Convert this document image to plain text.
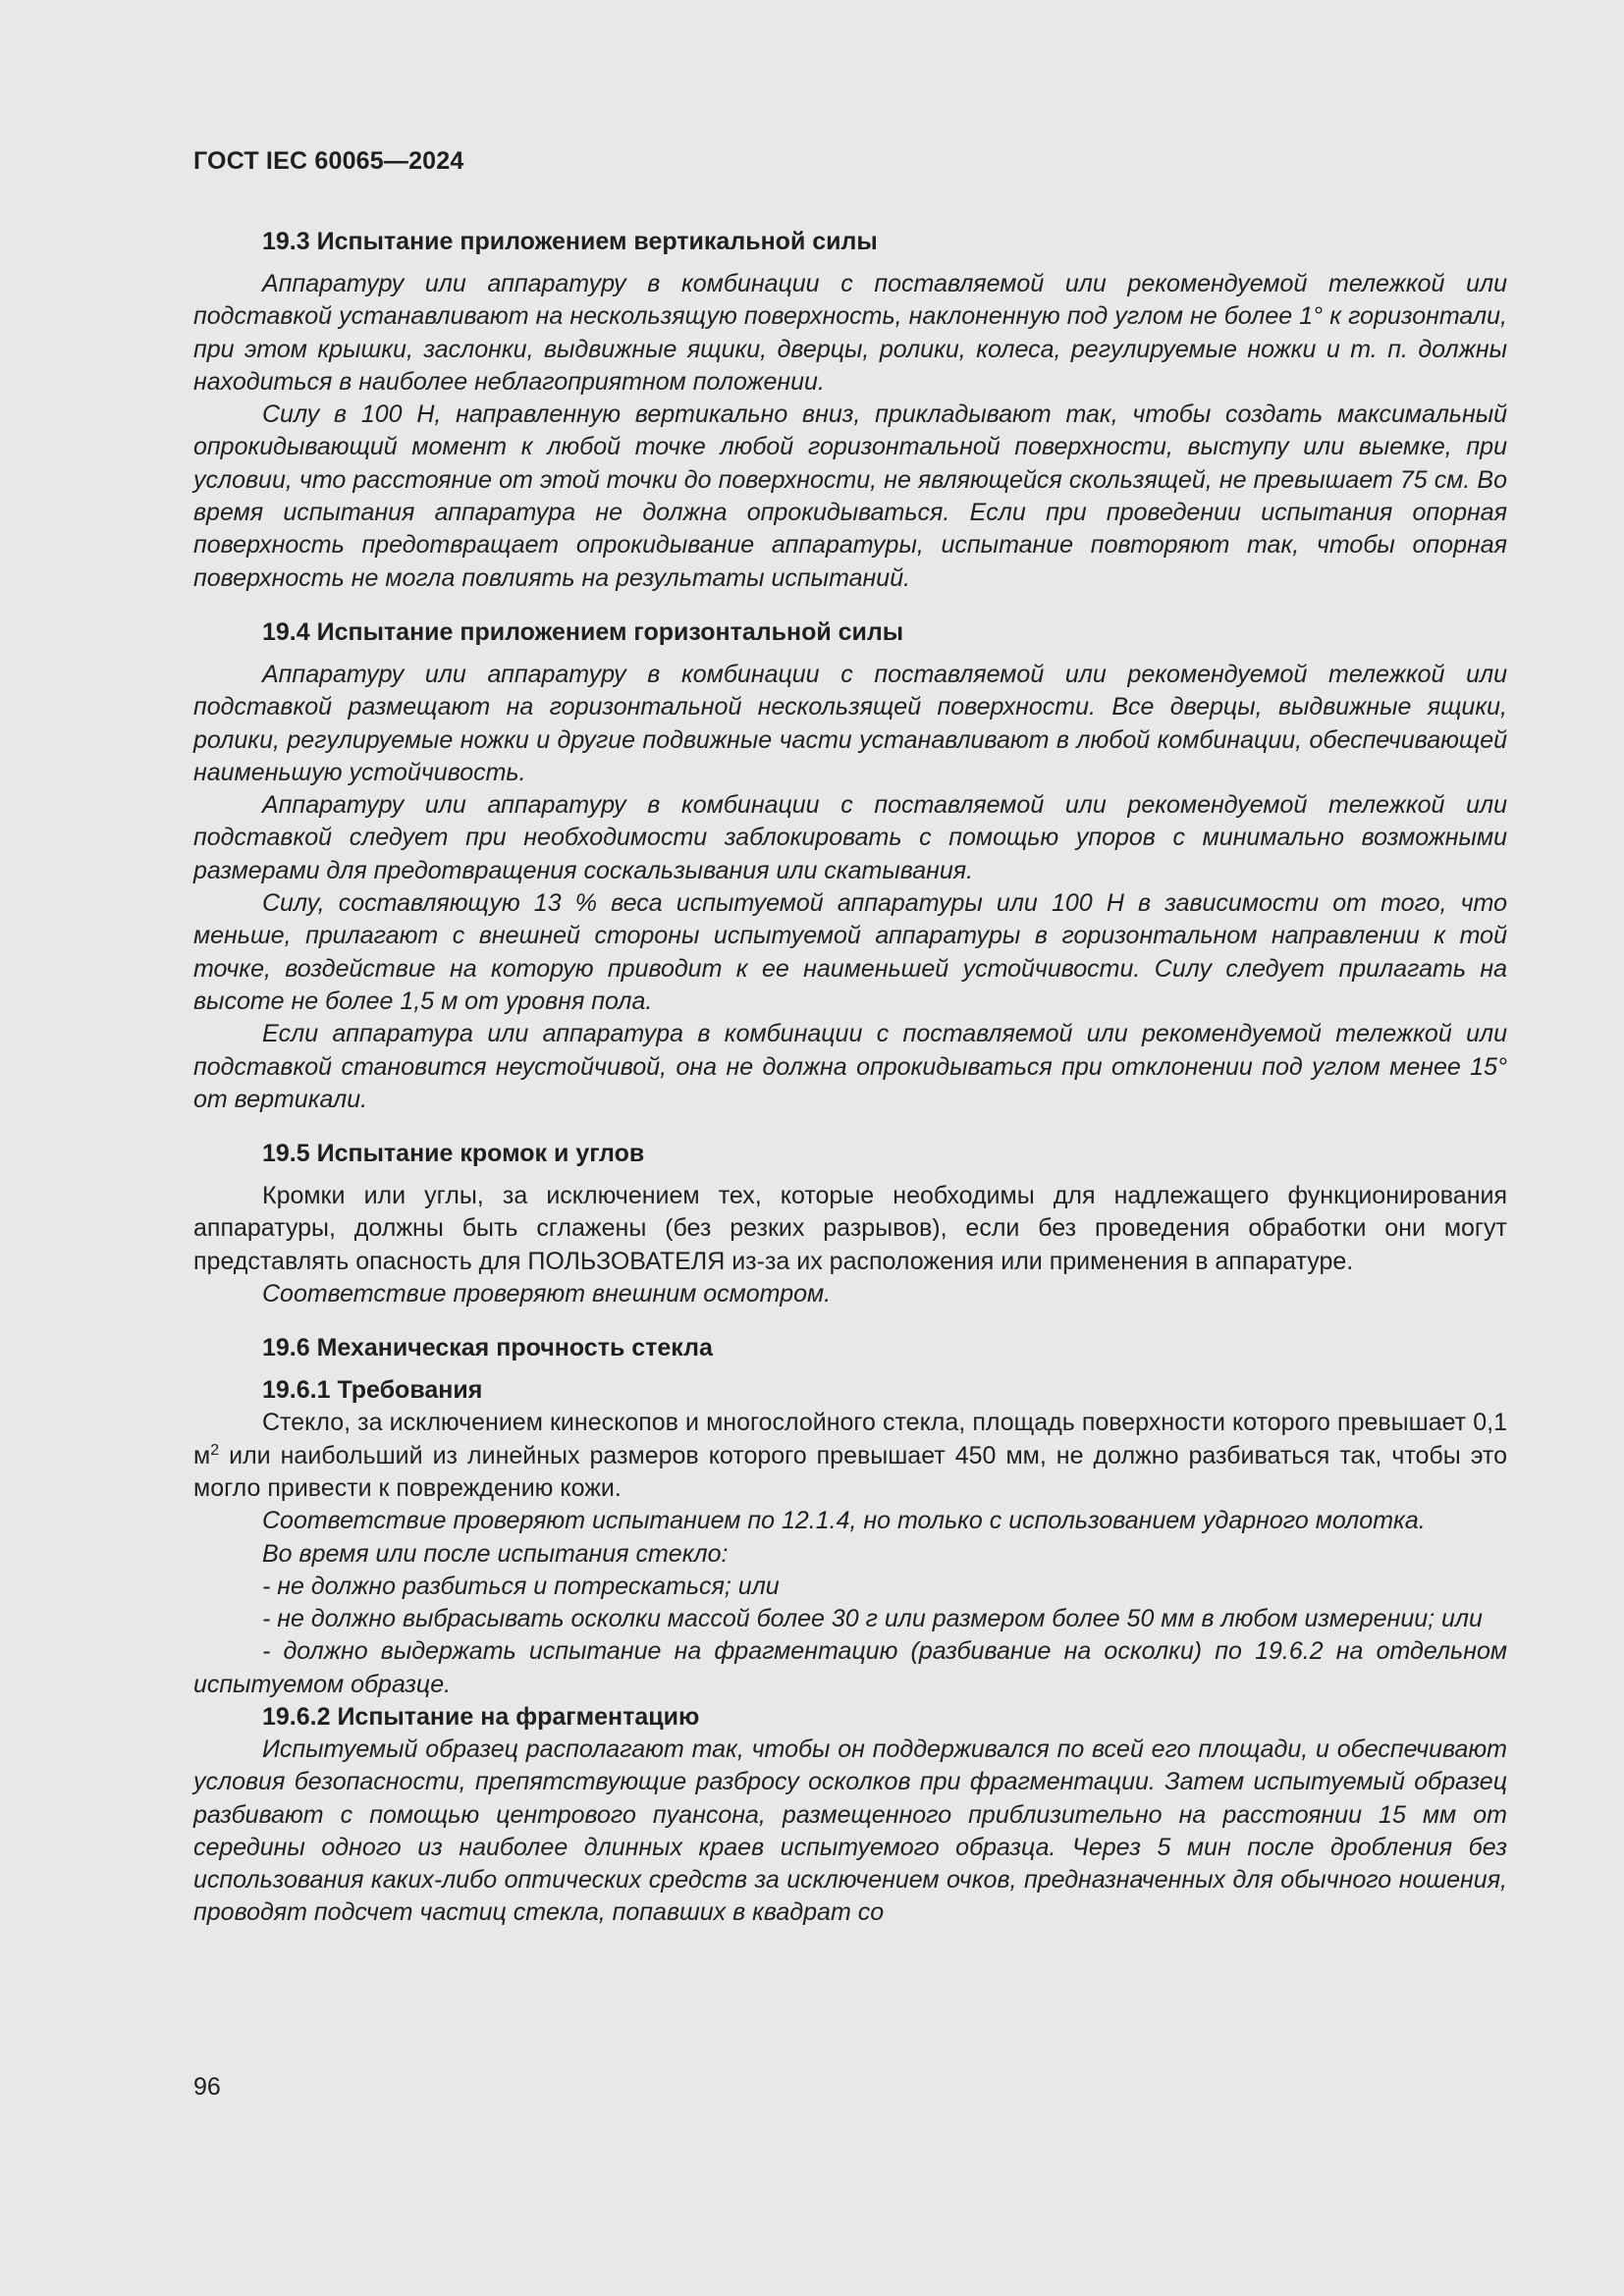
ГОСТ IEC 60065—2024
19.3 Испытание приложением вертикальной силы

Аппаратуру или аппаратуру в комбинации с поставляемой или рекомендуемой тележкой или подставкой устанавливают на нескользящую поверхность, наклоненную под углом не более 1° к горизонтали, при этом крышки, заслонки, выдвижные ящики, дверцы, ролики, колеса, регулируемые ножки и т. п. должны находиться в наиболее неблагоприятном положении.

Силу в 100 Н, направленную вертикально вниз, прикладывают так, чтобы создать максимальный опрокидывающий момент к любой точке любой горизонтальной поверхности, выступу или выемке, при условии, что расстояние от этой точки до поверхности, не являющейся скользящей, не превышает 75 см. Во время испытания аппаратура не должна опрокидываться. Если при проведении испытания опорная поверхность предотвращает опрокидывание аппаратуры, испытание повторяют так, чтобы опорная поверхность не могла повлиять на результаты испытаний.

19.4 Испытание приложением горизонтальной силы

Аппаратуру или аппаратуру в комбинации с поставляемой или рекомендуемой тележкой или подставкой размещают на горизонтальной нескользящей поверхности. Все дверцы, выдвижные ящики, ролики, регулируемые ножки и другие подвижные части устанавливают в любой комбинации, обеспечивающей наименьшую устойчивость.

Аппаратуру или аппаратуру в комбинации с поставляемой или рекомендуемой тележкой или подставкой следует при необходимости заблокировать с помощью упоров с минимально возможными размерами для предотвращения соскальзывания или скатывания.

Силу, составляющую 13 % веса испытуемой аппаратуры или 100 Н в зависимости от того, что меньше, прилагают с внешней стороны испытуемой аппаратуры в горизонтальном направлении к той точке, воздействие на которую приводит к ее наименьшей устойчивости. Силу следует прилагать на высоте не более 1,5 м от уровня пола.

Если аппаратура или аппаратура в комбинации с поставляемой или рекомендуемой тележкой или подставкой становится неустойчивой, она не должна опрокидываться при отклонении под углом менее 15° от вертикали.

19.5 Испытание кромок и углов

Кромки или углы, за исключением тех, которые необходимы для надлежащего функционирования аппаратуры, должны быть сглажены (без резких разрывов), если без проведения обработки они могут представлять опасность для ПОЛЬЗОВАТЕЛЯ из-за их расположения или применения в аппаратуре.

Соответствие проверяют внешним осмотром.

19.6 Механическая прочность стекла
19.6.1 Требования

Стекло, за исключением кинескопов и многослойного стекла, площадь поверхности которого превышает 0,1 $м^2$ или наибольший из линейных размеров которого превышает 450 мм, не должно разбиваться так, чтобы это могло привести к повреждению кожи.

Соответствие проверяют испытанием по 12.1.4, но только с использованием ударного молотка.

Во время или после испытания стекло:

- не должно разбиться и потрескаться; или

- не должно выбрасывать осколки массой более 30 г или размером более 50 мм в любом измерении; или

- должно выдержать испытание на фрагментацию (разбивание на осколки) по 19.6.2 на отдельном испытуемом образце.

19.6.2 Испытание на фрагментацию

Испытуемый образец располагают так, чтобы он поддерживался по всей его площади, и обеспечивают условия безопасности, препятствующие разбросу осколков при фрагментации. Затем испытуемый образец разбивают с помощью центрового пуансона, размещенного приблизительно на расстоянии 15 мм от середины одного из наиболее длинных краев испытуемого образца. Через 5 мин после дробления без использования каких-либо оптических средств за исключением очков, предназначенных для обычного ношения, проводят подсчет частиц стекла, попавших в квадрат со

96
